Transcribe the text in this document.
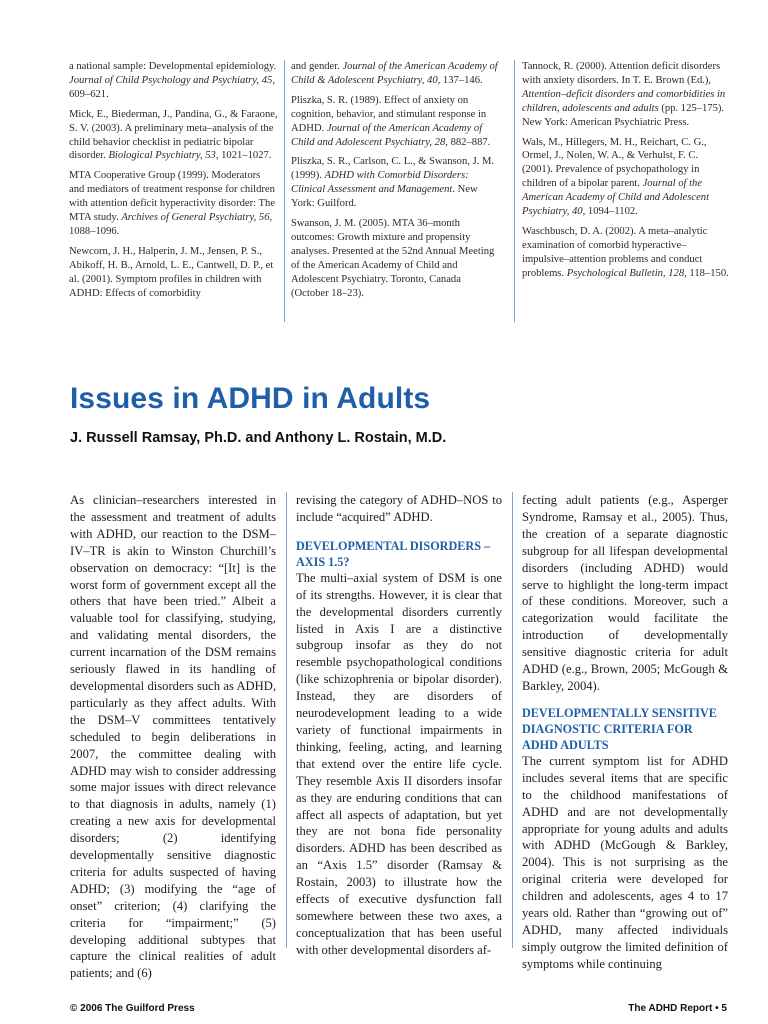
a national sample: Developmental epidemiology. Journal of Child Psychology and Psychiatry, 45, 609–621.

Mick, E., Biederman, J., Pandina, G., & Faraone, S. V. (2003). A preliminary meta–analysis of the child behavior checklist in pediatric bipolar disorder. Biological Psychiatry, 53, 1021–1027.

MTA Cooperative Group (1999). Moderators and mediators of treatment response for children with attention deficit hyperactivity disorder: The MTA study. Archives of General Psychiatry, 56, 1088–1096.

Newcorn, J. H., Halperin, J. M., Jensen, P. S., Abikoff, H. B., Arnold, L. E., Cantwell, D. P., et al. (2001). Symptom profiles in children with ADHD: Effects of comorbidity

and gender. Journal of the American Academy of Child & Adolescent Psychiatry, 40, 137–146.

Pliszka, S. R. (1989). Effect of anxiety on cognition, behavior, and stimulant response in ADHD. Journal of the American Academy of Child and Adolescent Psychiatry, 28, 882–887.

Pliszka, S. R., Carlson, C. L., & Swanson, J. M. (1999). ADHD with Comorbid Disorders: Clinical Assessment and Management. New York: Guilford.

Swanson, J. M. (2005). MTA 36–month outcomes: Growth mixture and propensity analyses. Presented at the 52nd Annual Meeting of the American Academy of Child and Adolescent Psychiatry. Toronto, Canada (October 18–23).

Tannock, R. (2000). Attention deficit disorders with anxiety disorders. In T. E. Brown (Ed.), Attention–deficit disorders and comorbidities in children, adolescents and adults (pp. 125–175). New York: American Psychiatric Press.

Wals, M., Hillegers, M. H., Reichart, C. G., Ormel, J., Nolen, W. A., & Verhulst, F. C. (2001). Prevalence of psychopathology in children of a bipolar parent. Journal of the American Academy of Child and Adolescent Psychiatry, 40, 1094–1102.

Waschbusch, D. A. (2002). A meta–analytic examination of comorbid hyperactive–impulsive–attention problems and conduct problems. Psychological Bulletin, 128, 118–150.

Issues in ADHD in Adults
J. Russell Ramsay, Ph.D. and Anthony L. Rostain, M.D.

As clinician–researchers interested in the assessment and treatment of adults with ADHD, our reaction to the DSM–IV–TR is akin to Winston Churchill’s observation on democracy: “[It] is the worst form of government except all the others that have been tried.” Albeit a valuable tool for classifying, studying, and validating mental disorders, the current incarnation of the DSM remains seriously flawed in its handling of developmental disorders such as ADHD, particularly as they affect adults. With the DSM–V committees tentatively scheduled to begin deliberations in 2007, the committee dealing with ADHD may wish to consider addressing some major issues with direct relevance to that diagnosis in adults, namely (1) creating a new axis for developmental disorders; (2) identifying developmentally sensitive diagnostic criteria for adults suspected of having ADHD; (3) modifying the “age of onset” criterion; (4) clarifying the criteria for “impairment;” (5) developing additional subtypes that capture the clinical realities of adult patients; and (6)

revising the category of ADHD–NOS to include “acquired” ADHD.

DEVELOPMENTAL DISORDERS – AXIS 1.5?

The multi–axial system of DSM is one of its strengths. However, it is clear that the developmental disorders currently listed in Axis I are a distinctive subgroup insofar as they do not resemble psychopathological conditions (like schizophrenia or bipolar disorder). Instead, they are disorders of neurodevelopment leading to a wide variety of functional impairments in thinking, feeling, acting, and learning that extend over the entire life cycle. They resemble Axis II disorders insofar as they are enduring conditions that can affect all aspects of adaptation, but yet they are not bona fide personality disorders. ADHD has been described as an “Axis 1.5” disorder (Ramsay & Rostain, 2003) to illustrate how the effects of executive dysfunction fall somewhere between these two axes, a conceptualization that has been useful with other developmental disorders af-

fecting adult patients (e.g., Asperger Syndrome, Ramsay et al., 2005). Thus, the creation of a separate diagnostic subgroup for all lifespan developmental disorders (including ADHD) would serve to highlight the long-term impact of these conditions. Moreover, such a categorization would facilitate the introduction of developmentally sensitive diagnostic criteria for adult ADHD (e.g., Brown, 2005; McGough & Barkley, 2004).

DEVELOPMENTALLY SENSITIVE DIAGNOSTIC CRITERIA FOR ADHD ADULTS

The current symptom list for ADHD includes several items that are specific to the childhood manifestations of ADHD and are not developmentally appropriate for young adults and adults with ADHD (McGough & Barkley, 2004). This is not surprising as the original criteria were developed for children and adolescents, ages 4 to 17 years old. Rather than “growing out of” ADHD, many affected individuals simply outgrow the limited definition of symptoms while continuing

© 2006 The Guilford Press	The ADHD Report • 5
